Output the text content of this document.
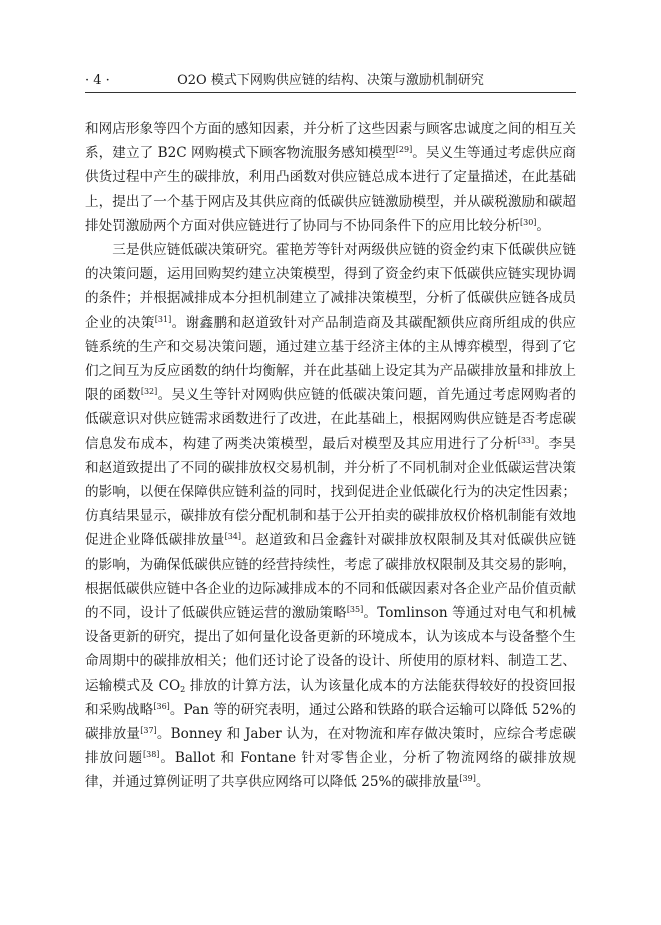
· 4 ·	O2O 模式下网购供应链的结构、决策与激励机制研究

和网店形象等四个方面的感知因素，并分析了这些因素与顾客忠诚度之间的相互关系，建立了 B2C 网购模式下顾客物流服务感知模型[29]。吴义生等通过考虑供应商供货过程中产生的碳排放，利用凸函数对供应链总成本进行了定量描述，在此基础上，提出了一个基于网店及其供应商的低碳供应链激励模型，并从碳税激励和碳超排处罚激励两个方面对供应链进行了协同与不协同条件下的应用比较分析[30]。

三是供应链低碳决策研究。霍艳芳等针对两级供应链的资金约束下低碳供应链的决策问题，运用回购契约建立决策模型，得到了资金约束下低碳供应链实现协调的条件；并根据减排成本分担机制建立了减排决策模型，分析了低碳供应链各成员企业的决策[31]。谢鑫鹏和赵道致针对产品制造商及其碳配额供应商所组成的供应链系统的生产和交易决策问题，通过建立基于经济主体的主从博弈模型，得到了它们之间互为反应函数的纳什均衡解，并在此基础上设定其为产品碳排放量和排放上限的函数[32]。吴义生等针对网购供应链的低碳决策问题，首先通过考虑网购者的低碳意识对供应链需求函数进行了改进，在此基础上，根据网购供应链是否考虑碳信息发布成本，构建了两类决策模型，最后对模型及其应用进行了分析[33]。李昊和赵道致提出了不同的碳排放权交易机制，并分析了不同机制对企业低碳运营决策的影响，以便在保障供应链利益的同时，找到促进企业低碳化行为的决定性因素；仿真结果显示，碳排放有偿分配机制和基于公开拍卖的碳排放权价格机制能有效地促进企业降低碳排放量[34]。赵道致和吕金鑫针对碳排放权限制及其对低碳供应链的影响，为确保低碳供应链的经营持续性，考虑了碳排放权限制及其交易的影响，根据低碳供应链中各企业的边际减排成本的不同和低碳因素对各企业产品价值贡献的不同，设计了低碳供应链运营的激励策略[35]。Tomlinson 等通过对电气和机械设备更新的研究，提出了如何量化设备更新的环境成本，认为该成本与设备整个生命周期中的碳排放相关；他们还讨论了设备的设计、所使用的原材料、制造工艺、运输模式及 $CO_2$ 排放的计算方法，认为该量化成本的方法能获得较好的投资回报和采购战略[36]。Pan 等的研究表明，通过公路和铁路的联合运输可以降低 52%的碳排放量[37]。Bonney 和 Jaber 认为，在对物流和库存做决策时，应综合考虑碳排放问题[38]。Ballot 和 Fontane 针对零售企业，分析了物流网络的碳排放规律，并通过算例证明了共享供应网络可以降低 25%的碳排放量[39]。
